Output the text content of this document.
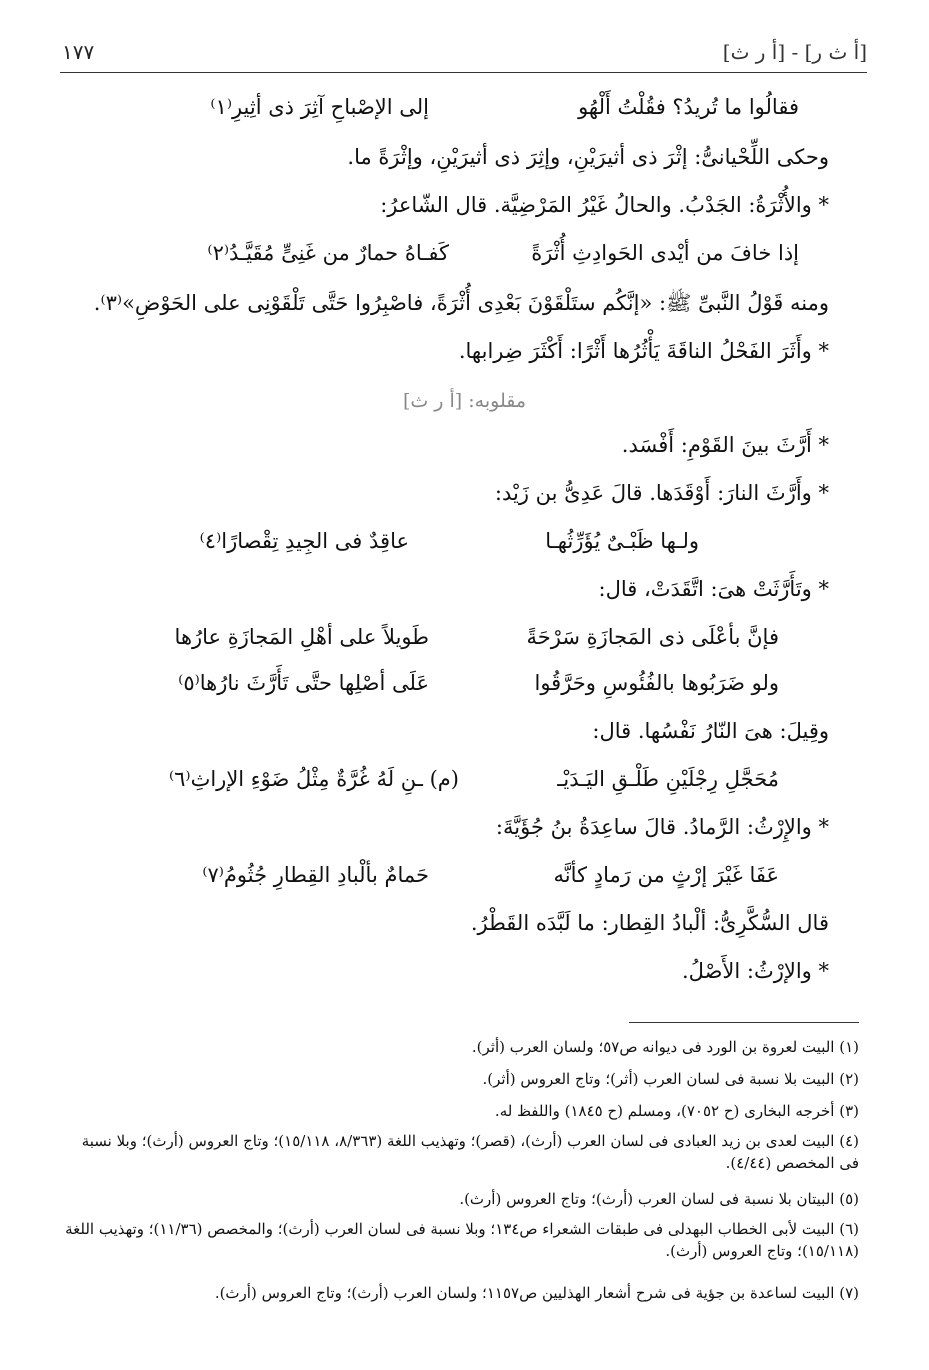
[أ ث ر] - [أ ر ث]
١٧٧
فقالُوا ما تُريدُ؟ فقُلْتُ أَلْهُو
إلى الإصْباحِ آثِرَ ذى أثِيرِ⁽١⁾
وحكى اللِّحْيانىُّ: إثْرَ ذى أثيرَيْنِ، وإثِرَ ذى أثيرَيْنِ، وإثْرَةً ما.
* والأُثْرَةُ: الجَدْبُ. والحالُ غَيْرُ المَرْضِيَّة. قال الشّاعرُ:
إذا خافَ من أيْدى الحَوادِثِ أُثْرَةً
كَفـاهُ حمارٌ من غَنِىٍّ مُقَيَّـدُ⁽٢⁾
ومنه قَوْلُ النَّبىِّ ﷺ: «إنَّكُم ستَلْقَوْنَ بَعْدِى أُثْرَةً، فاصْبِرُوا حَتَّى تَلْقَوْنِى على الحَوْضِ»⁽٣⁾.
* وأَثَرَ الفَحْلُ الناقَةَ يَأْثُرُها أَثْرًا: أَكْثَرَ ضِرابها.
مقلوبه: [أ ر ث]
* أَرَّثَ بينَ القَوْمِ: أَفْسَد.
* وأَرَّثَ النارَ: أَوْقَدَها. قالَ عَدِىُّ بن زَيْد:
ولـها ظَبْـىٌ يُؤَرِّثُهـا
عاقِدٌ فى الجِيدِ تِقْصارًا⁽٤⁾
* وتَأَرَّثَتْ هىَ: اتَّقَدَتْ، قال:
فإنَّ بأعْلَى ذى المَجازَةِ سَرْحَةً
طَويلاً على أهْلِ المَجازَةِ عارُها
ولو ضَرَبُوها بالفُئُوسِ وحَرَّقُوا
عَلَى أصْلِها حتَّى تَأَرَّثَ نارُها⁽٥⁾
وقِيلَ: هىَ النّارُ نَفْسُها. قال:
مُحَجَّلِ رِجْلَيْنِ طَلْـقِ اليَـدَيْـ
(م) ـنِ لَهُ غُرَّةٌ مِثْلُ ضَوْءِ الإراثِ⁽٦⁾
* والإِرْثُ: الرَّمادُ. قالَ ساعِدَةُ بنُ جُؤَيَّةَ:
عَفَا غَيْرَ إرْثٍ من رَمادٍ كأنَّه
حَمامٌ بألْبادِ القِطارِ جُثُومُ⁽٧⁾
قال السُّكَّرِىُّ: ألْبادُ القِطار: ما لَبَّدَه القَطْرُ.
* والإرْثُ: الأَصْلُ.
(١) البيت لعروة بن الورد فى ديوانه ص٥٧؛ ولسان العرب (أثر).
(٢) البيت بلا نسبة فى لسان العرب (أثر)؛ وتاج العروس (أثر).
(٣) أخرجه البخارى (ح ٧٠٥٢)، ومسلم (ح ١٨٤٥) واللفظ له.
(٤) البيت لعدى بن زيد العبادى فى لسان العرب (أرث)، (قصر)؛ وتهذيب اللغة (٨/٣٦٣، ١٥/١١٨)؛ وتاج العروس (أرث)؛ وبلا نسبة فى المخصص (٤/٤٤).
(٥) البيتان بلا نسبة فى لسان العرب (أرث)؛ وتاج العروس (أرث).
(٦) البيت لأبى الخطاب البهدلى فى طبقات الشعراء ص١٣٤؛ وبلا نسبة فى لسان العرب (أرث)؛ والمخصص (١١/٣٦)؛ وتهذيب اللغة (١٥/١١٨)؛ وتاج العروس (أرث).
(٧) البيت لساعدة بن جؤية فى شرح أشعار الهذليين ص١١٥٧؛ ولسان العرب (أرث)؛ وتاج العروس (أرث).
